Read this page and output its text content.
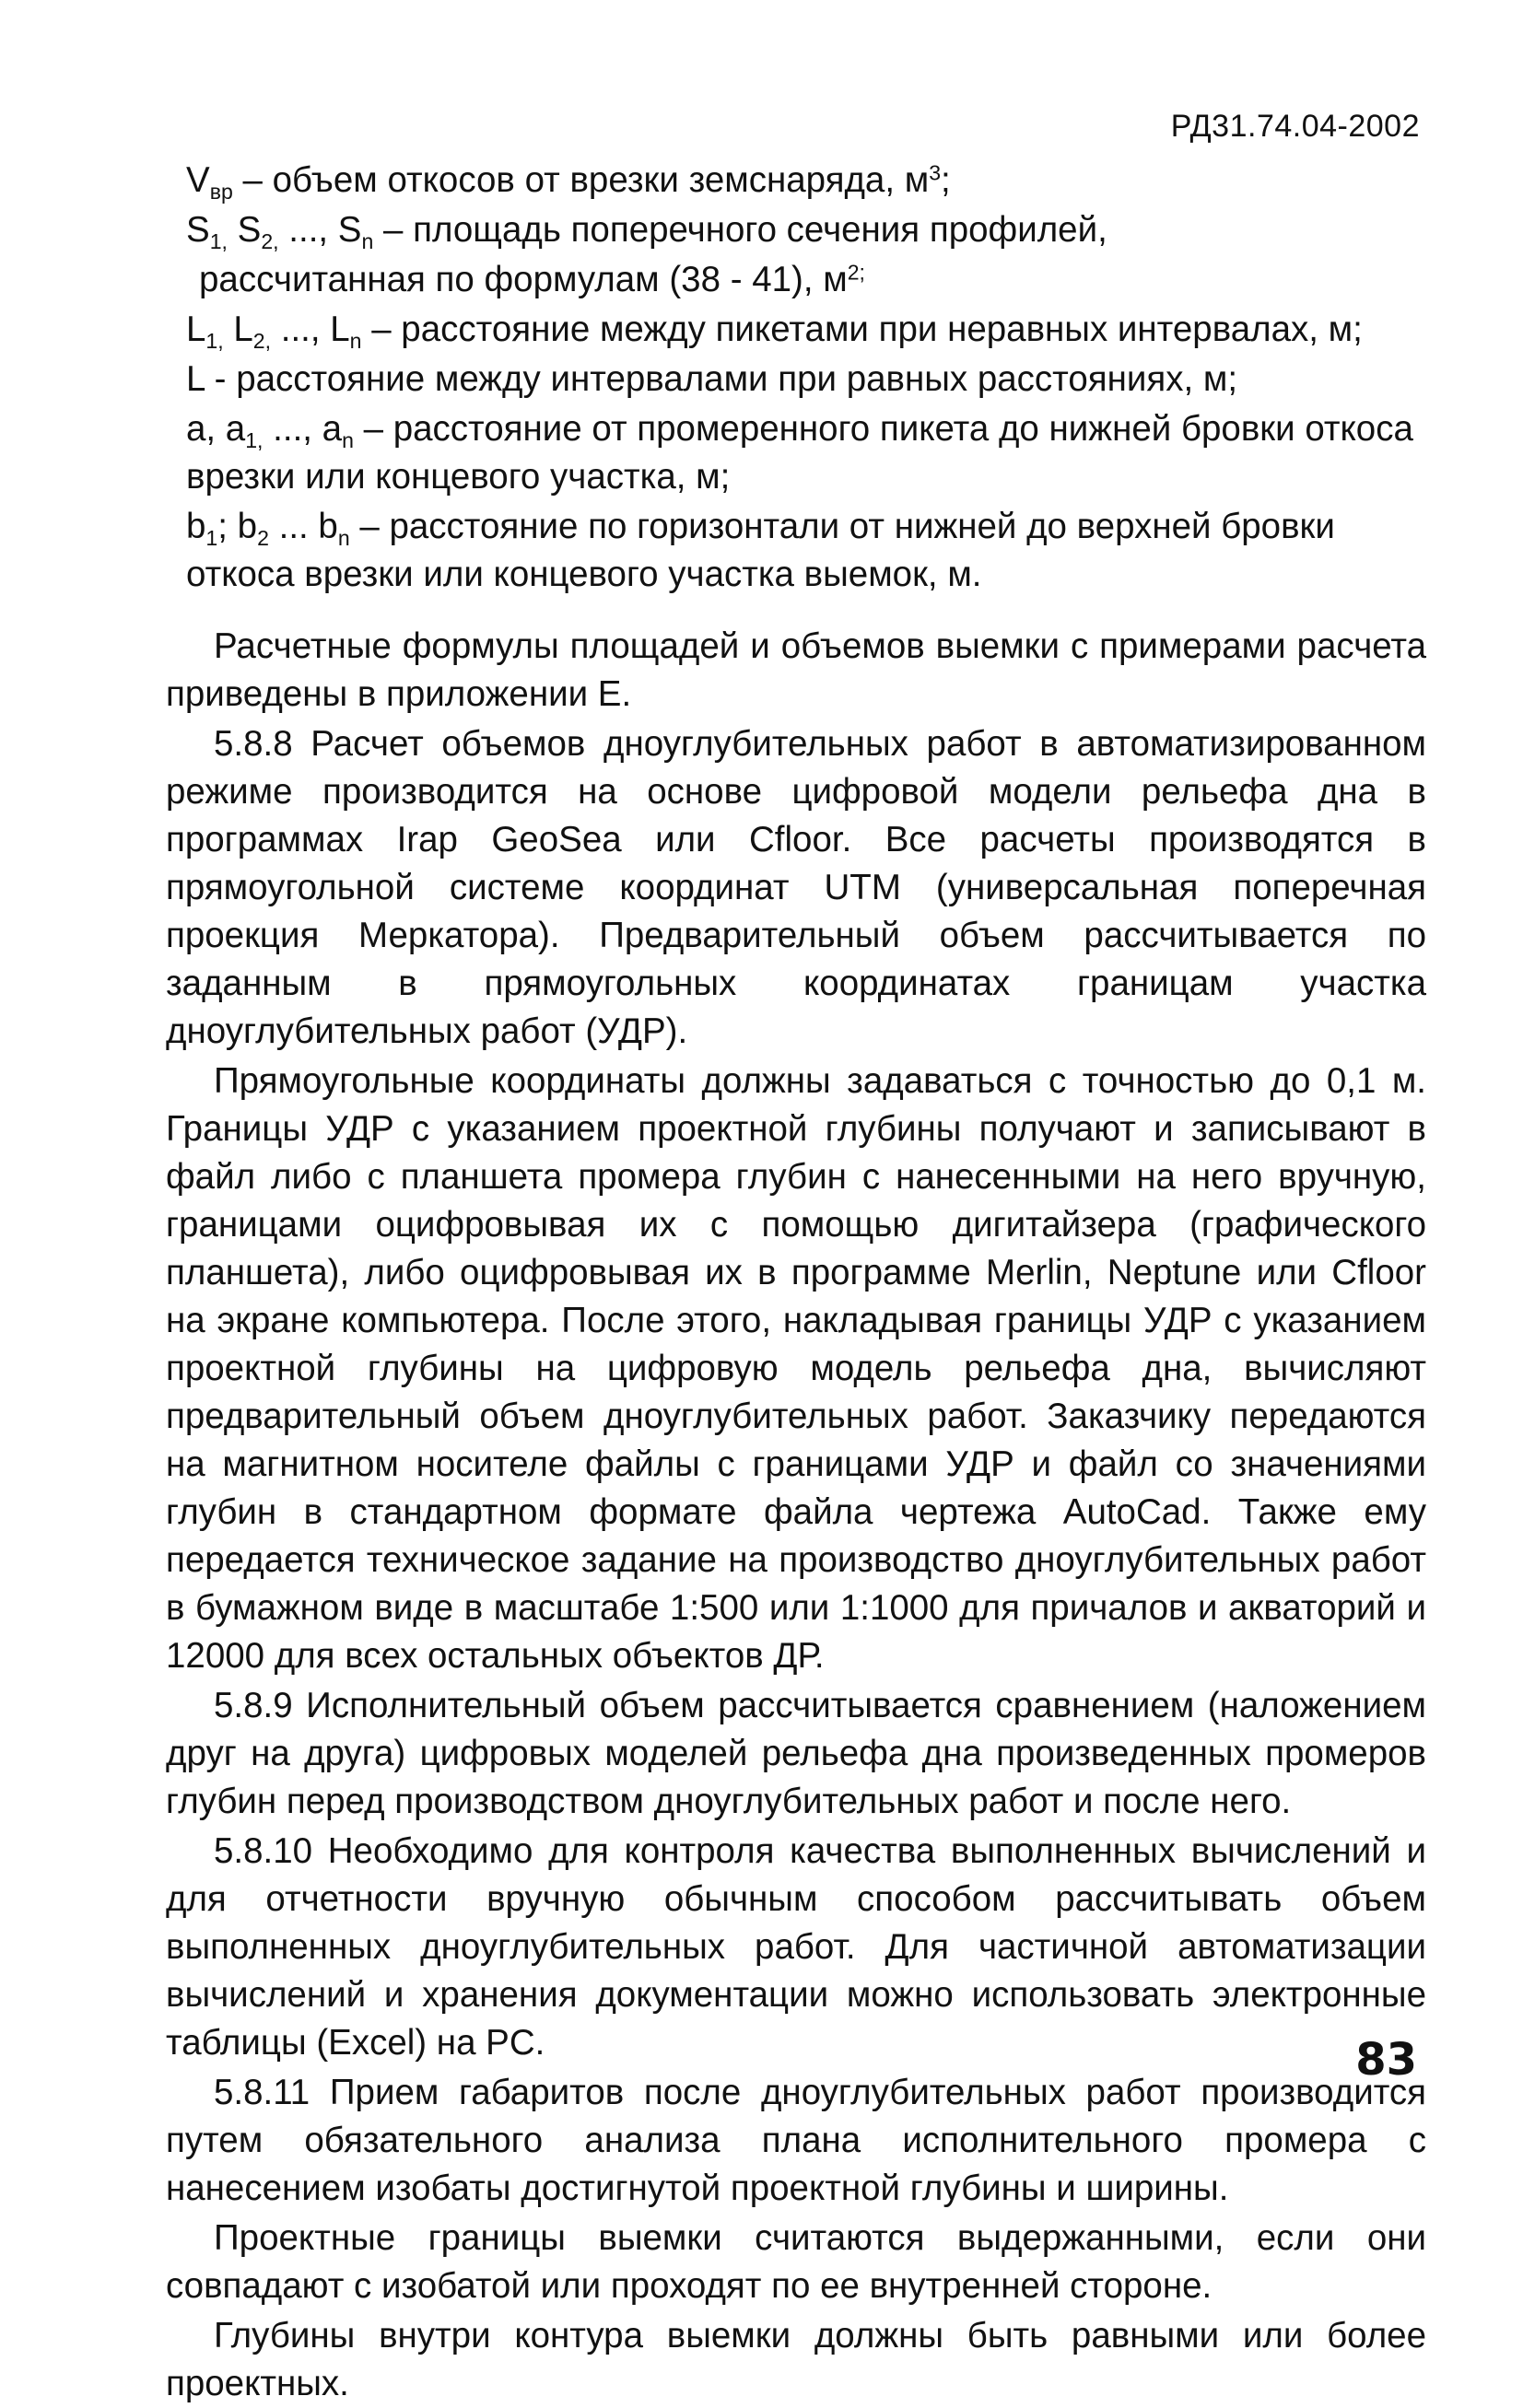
РД31.74.04-2002

$V_{вр}$ – объем откосов от врезки земснаряда, $м^3$;

$S_{1,}$ $S_{2,}$ ..., $S_n$ – площадь поперечного сечения профилей,

рассчитанная по формулам (38 - 41), $м^{2;}$

$L_{1,}$ $L_{2,}$ ..., $L_n$ – расстояние между пикетами при неравных интервалах, м;

L - расстояние между интервалами при равных расстояниях, м;

a, $a_{1,}$ ..., $a_n$ – расстояние от промеренного пикета до нижней бровки откоса врезки или концевого участка, м;

$b_1$; $b_2$ ... $b_n$ – расстояние по горизонтали от нижней до верхней бровки откоса врезки или концевого участка выемок, м.

Расчетные формулы площадей и объемов выемки с примерами расчета приведены в приложении Е.

5.8.8 Расчет объемов дноуглубительных работ в автоматизированном режиме производится на основе цифровой модели рельефа дна в программах Irap GeoSea или Cfloor. Все расчеты производятся в прямоугольной системе координат UTM (универсальная поперечная проекция Меркатора). Предварительный объем рассчитывается по заданным в прямоугольных координатах границам участка дноуглубительных работ (УДР).

Прямоугольные координаты должны задаваться с точностью до 0,1 м. Границы УДР с указанием проектной глубины получают и записывают в файл либо с планшета промера глубин с нанесенными на него вручную, границами оцифровывая их с помощью дигитайзера (графического планшета), либо оцифровывая их в программе Merlin, Neptune или Cfloor на экране компьютера. После этого, накладывая границы УДР с указанием проектной глубины на цифровую модель рельефа дна, вычисляют предварительный объем дноуглубительных работ. Заказчику передаются на магнитном носителе файлы с границами УДР и файл со значениями глубин в стандартном формате файла чертежа AutoCad. Также ему передается техническое задание на производство дноуглубительных работ в бумажном виде в масштабе 1:500 или 1:1000 для причалов и акваторий и 12000 для всех остальных объектов ДР.

5.8.9 Исполнительный объем рассчитывается сравнением (наложением друг на друга) цифровых моделей рельефа дна произведенных промеров глубин перед производством дноуглубительных работ и после него.

5.8.10 Необходимо для контроля качества выполненных вычислений и для отчетности вручную обычным способом рассчитывать объем выполненных дноуглубительных работ. Для частичной автоматизации вычислений и хранения документации можно использовать электронные таблицы (Excel) на PC.

5.8.11 Прием габаритов после дноуглубительных работ производится путем обязательного анализа плана исполнительного промера с нанесением изобаты достигнутой проектной глубины и ширины.

Проектные границы выемки считаются выдержанными, если они совпадают с изобатой или проходят по ее внутренней стороне.

Глубины внутри контура выемки должны быть равными или более проектных.

83
